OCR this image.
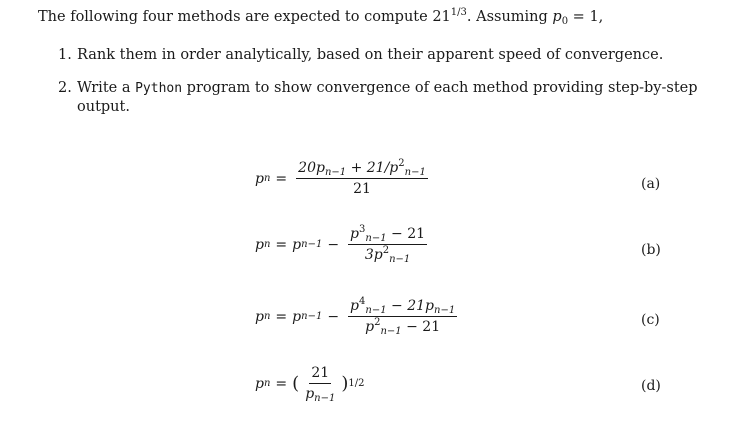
The following four methods are expected to compute $21^{1/3}$. Assuming $p_0 = 1$,
1. Rank them in order analytically, based on their apparent speed of convergence.
2. Write a Python program to show convergence of each method providing step-by-step
output.
p $n = \frac{20p_{n-1} + 21/p^2_{n-1}}{21}$	(a)
p n = p $n-1 - \frac{p^3_{n-1} - 21}{3p^2_{n-1}}$	(b)
p n = p $n-1 - \frac{p^4_{n-1} - 21p_{n-1}}{p^2_{n-1} - 21}$	(c)
p n = ( $\frac{21}{p_{n-1}}$ ) 1/2	(d)
